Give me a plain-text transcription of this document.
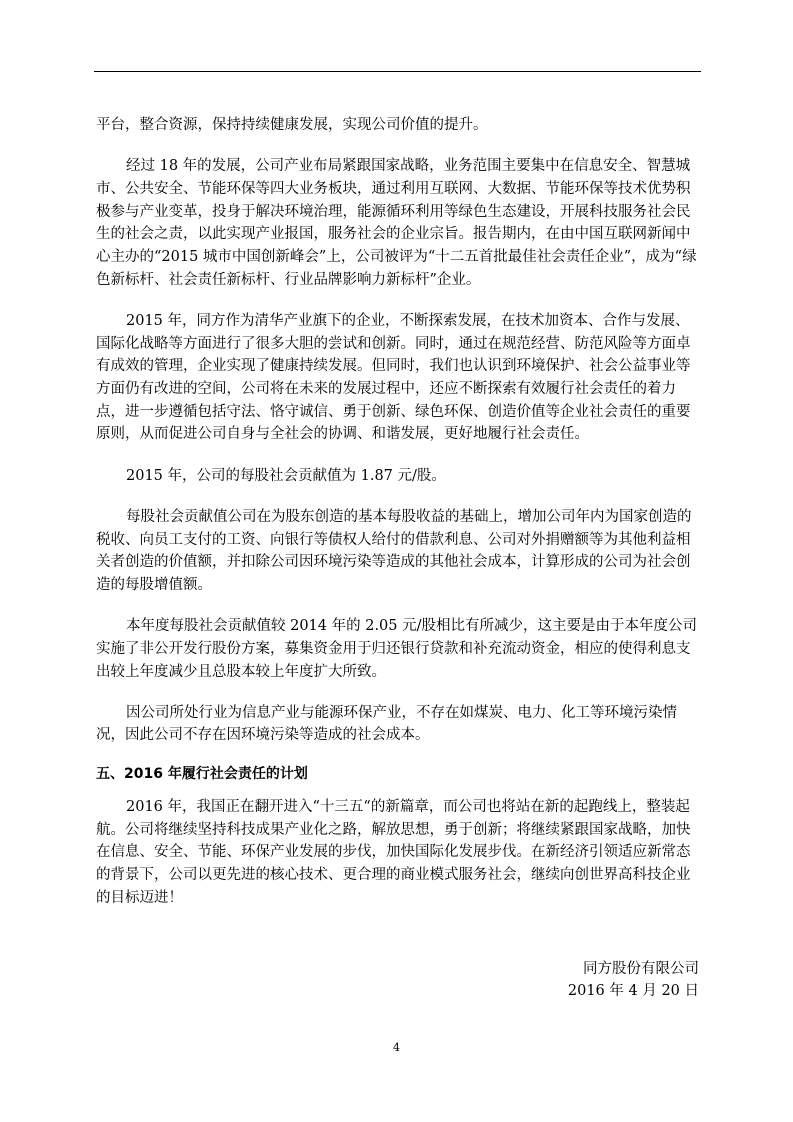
平台，整合资源，保持持续健康发展，实现公司价值的提升。

经过 18 年的发展，公司产业布局紧跟国家战略，业务范围主要集中在信息安全、智慧城市、公共安全、节能环保等四大业务板块，通过利用互联网、大数据、节能环保等技术优势积极参与产业变革，投身于解决环境治理，能源循环利用等绿色生态建设，开展科技服务社会民生的社会之责，以此实现产业报国，服务社会的企业宗旨。报告期内，在由中国互联网新闻中心主办的“2015 城市中国创新峰会”上，公司被评为“十二五首批最佳社会责任企业”，成为“绿色新标杆、社会责任新标杆、行业品牌影响力新标杆”企业。

2015 年，同方作为清华产业旗下的企业，不断探索发展，在技术加资本、合作与发展、国际化战略等方面进行了很多大胆的尝试和创新。同时，通过在规范经营、防范风险等方面卓有成效的管理，企业实现了健康持续发展。但同时，我们也认识到环境保护、社会公益事业等方面仍有改进的空间，公司将在未来的发展过程中，还应不断探索有效履行社会责任的着力点，进一步遵循包括守法、恪守诚信、勇于创新、绿色环保、创造价值等企业社会责任的重要原则，从而促进公司自身与全社会的协调、和谐发展，更好地履行社会责任。

2015 年，公司的每股社会贡献值为 1.87 元/股。

每股社会贡献值公司在为股东创造的基本每股收益的基础上，增加公司年内为国家创造的税收、向员工支付的工资、向银行等债权人给付的借款利息、公司对外捐赠额等为其他利益相关者创造的价值额，并扣除公司因环境污染等造成的其他社会成本，计算形成的公司为社会创造的每股增值额。

本年度每股社会贡献值较 2014 年的 2.05 元/股相比有所减少，这主要是由于本年度公司实施了非公开发行股份方案，募集资金用于归还银行贷款和补充流动资金，相应的使得利息支出较上年度减少且总股本较上年度扩大所致。

因公司所处行业为信息产业与能源环保产业，不存在如煤炭、电力、化工等环境污染情况，因此公司不存在因环境污染等造成的社会成本。

五、2016 年履行社会责任的计划

2016 年，我国正在翻开进入“十三五“的新篇章，而公司也将站在新的起跑线上，整装起航。公司将继续坚持科技成果产业化之路，解放思想，勇于创新；将继续紧跟国家战略，加快在信息、安全、节能、环保产业发展的步伐，加快国际化发展步伐。在新经济引领适应新常态的背景下，公司以更先进的核心技术、更合理的商业模式服务社会，继续向创世界高科技企业的目标迈进！

同方股份有限公司
2016 年 4 月 20 日
4
